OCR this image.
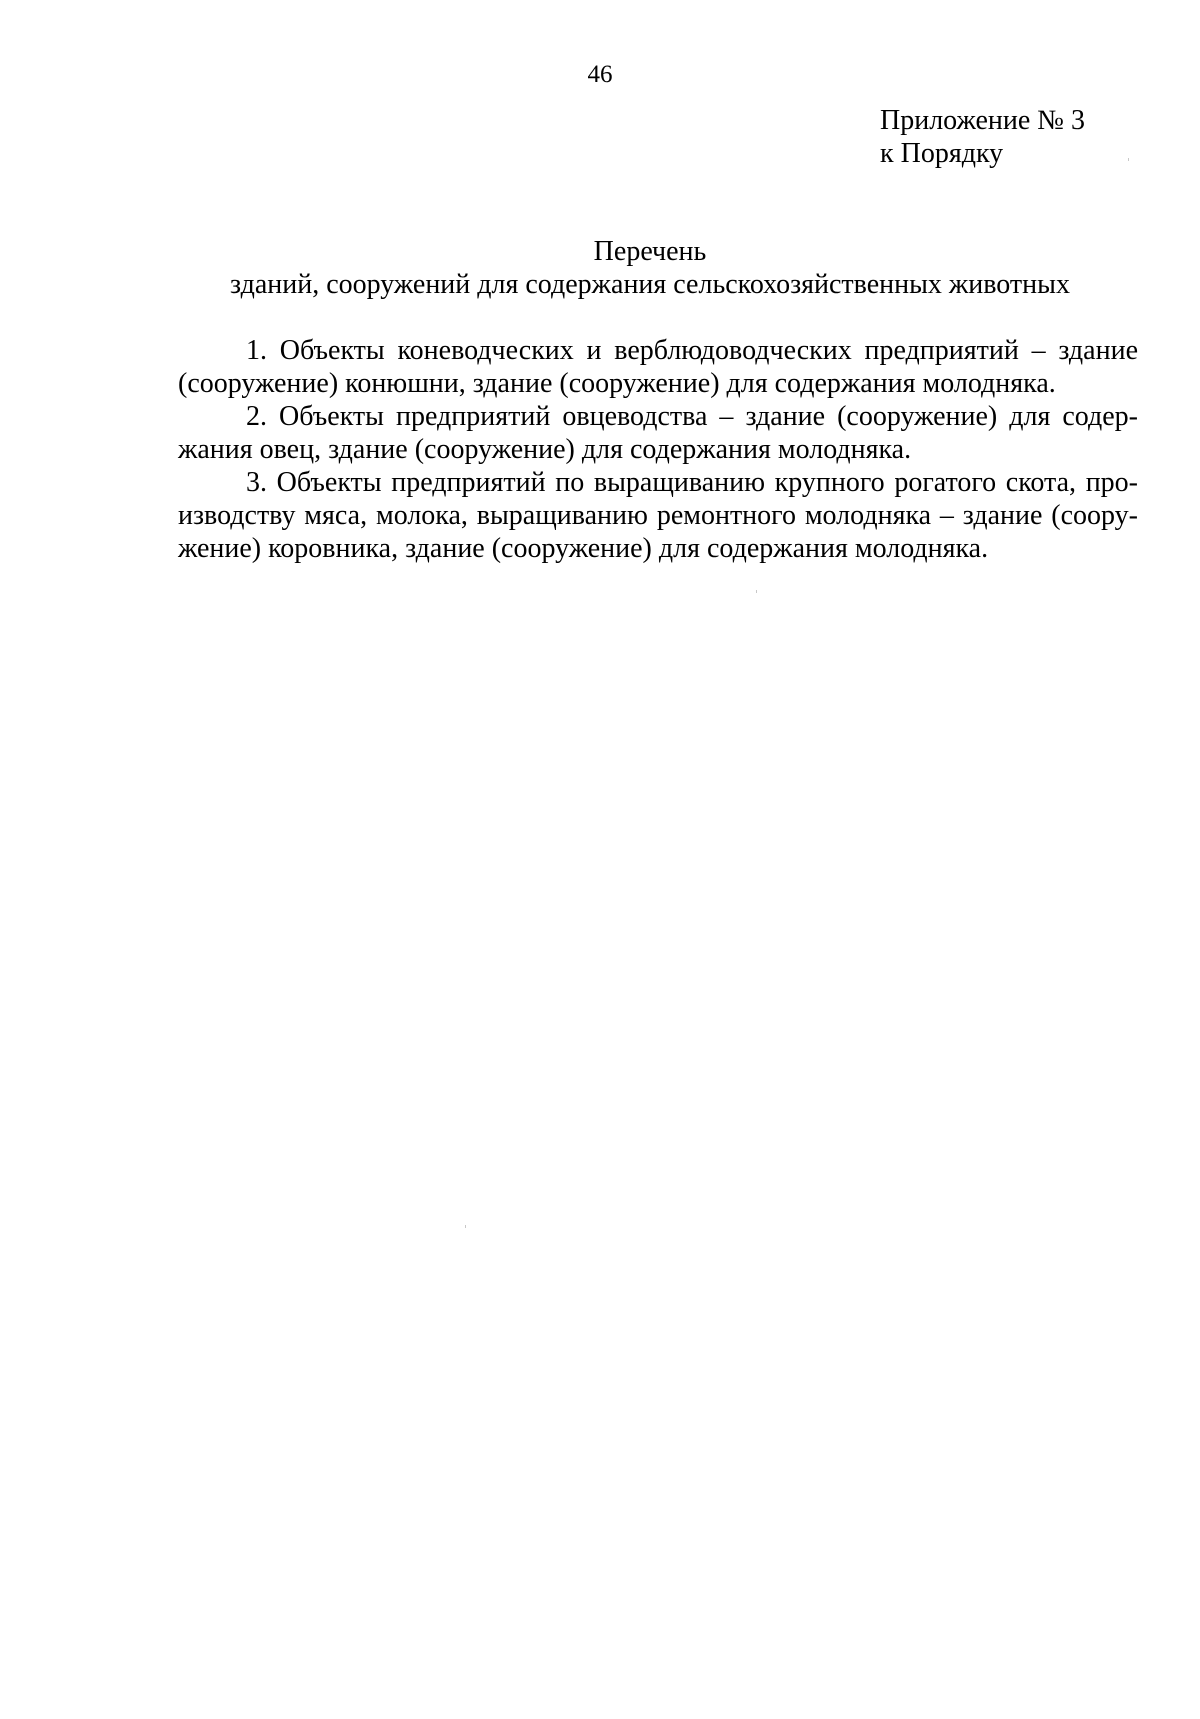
46
Приложение № 3
к Порядку
Перечень
зданий, сооружений для содержания сельскохозяйственных животных

1. Объекты коневодческих и верблюдоводческих предприятий – здание
(сооружение) конюшни, здание (сооружение) для содержания молодняка.

2. Объекты предприятий овцеводства – здание (сооружение) для содер-
жания овец, здание (сооружение) для содержания молодняка.

3. Объекты предприятий по выращиванию крупного рогатого скота, про-
изводству мяса, молока, выращиванию ремонтного молодняка – здание (соору-
жение) коровника, здание (сооружение) для содержания молодняка.
